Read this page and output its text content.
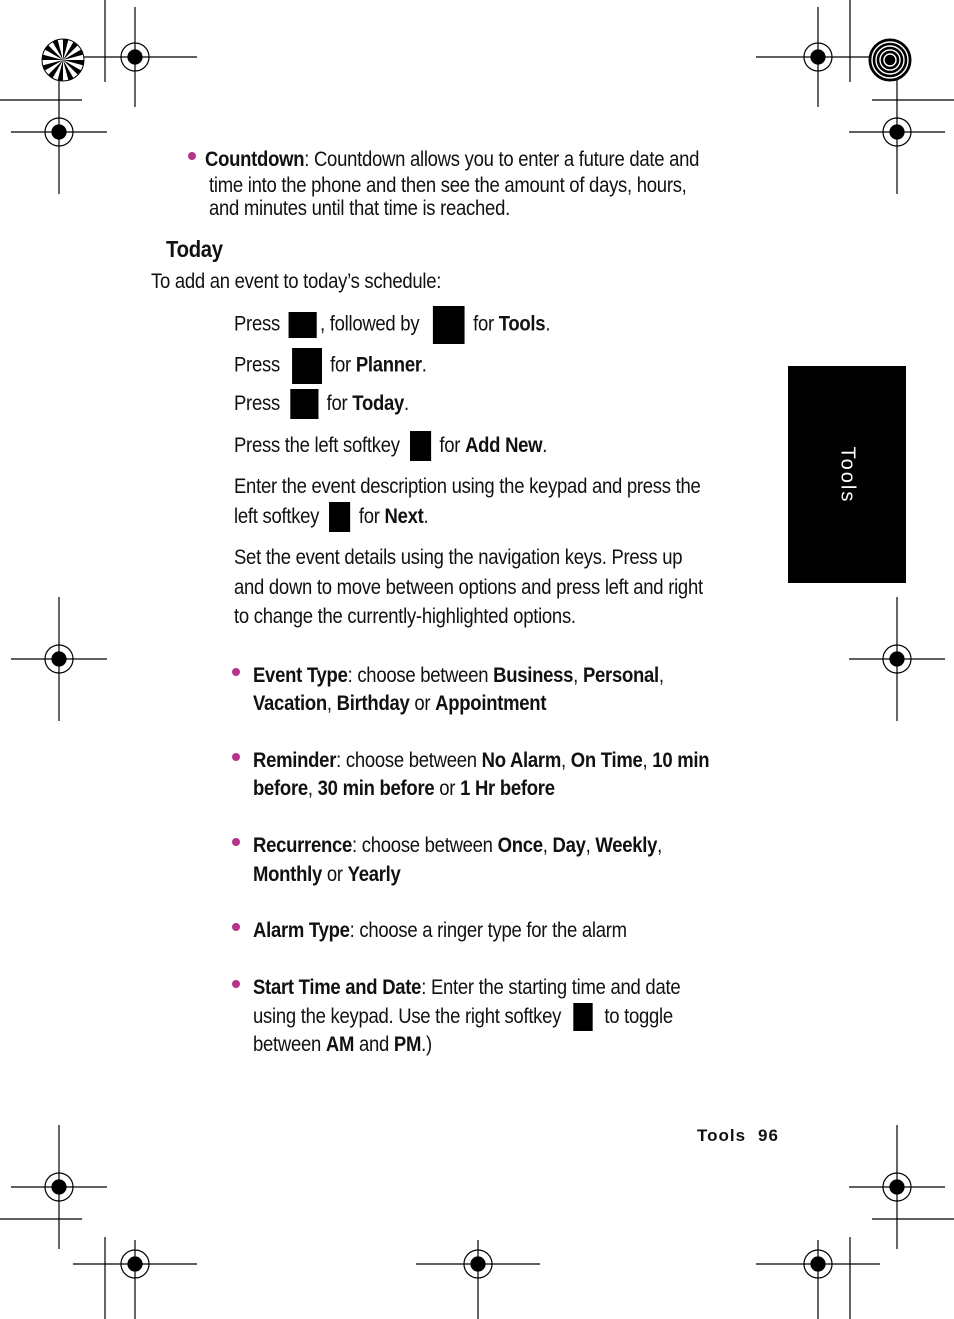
Countdown: Countdown allows you to enter a future date and
time into the phone and then see the amount of days, hours,
and minutes until that time is reached.
Today
To add an event to today’s schedule:
Press , followed by	for Tools.
Press for Planner.
Press for Today.
Press the left softkey for Add New.
Enter the event description using the keypad and press the
left softkey for Next.
Set the event details using the navigation keys. Press up
and down to move between options and press left and right
to change the currently-highlighted options.
Event Type: choose between Business, Personal,
Vacation, Birthday or Appointment
Reminder: choose between No Alarm, On Time, 10 min
before, 30 min before or 1 Hr before
Recurrence: choose between Once, Day, Weekly,
Monthly or Yearly
Alarm Type: choose a ringer type for the alarm
Start Time and Date: Enter the starting time and date
using the keypad. Use the right softkey to toggle
between AM and PM.)
Tools
Tools 96
